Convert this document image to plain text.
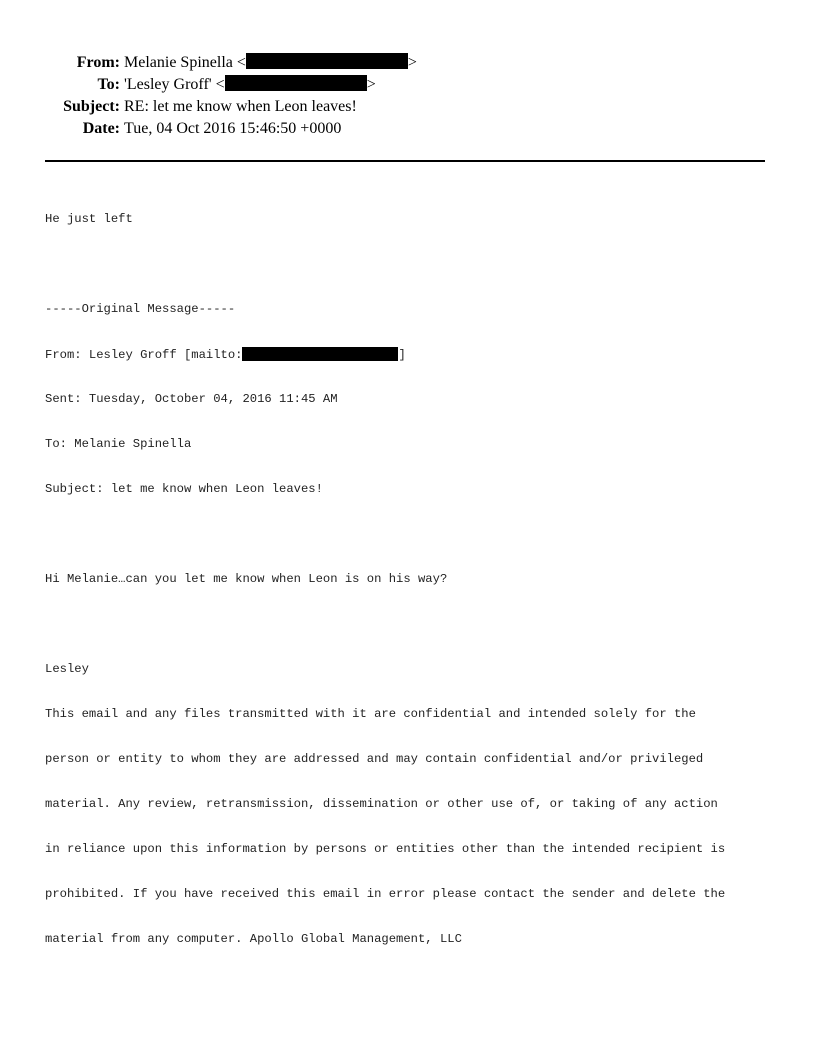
From: Melanie Spinella <	>
To: 'Lesley Groff' <	>
Subject: RE: let me know when Leon leaves!
Date: Tue, 04 Oct 2016 15:46:50 +0000

He just left

-----Original Message-----

From: Lesley Groff [mailto:	]

Sent: Tuesday, October 04, 2016 11:45 AM

To: Melanie Spinella

Subject: let me know when Leon leaves!

Hi Melanie…can you let me know when Leon is on his way?

Lesley

This email and any files transmitted with it are confidential and intended solely for the

person or entity to whom they are addressed and may contain confidential and/or privileged

material. Any review, retransmission, dissemination or other use of, or taking of any action

in reliance upon this information by persons or entities other than the intended recipient is

prohibited. If you have received this email in error please contact the sender and delete the

material from any computer. Apollo Global Management, LLC
